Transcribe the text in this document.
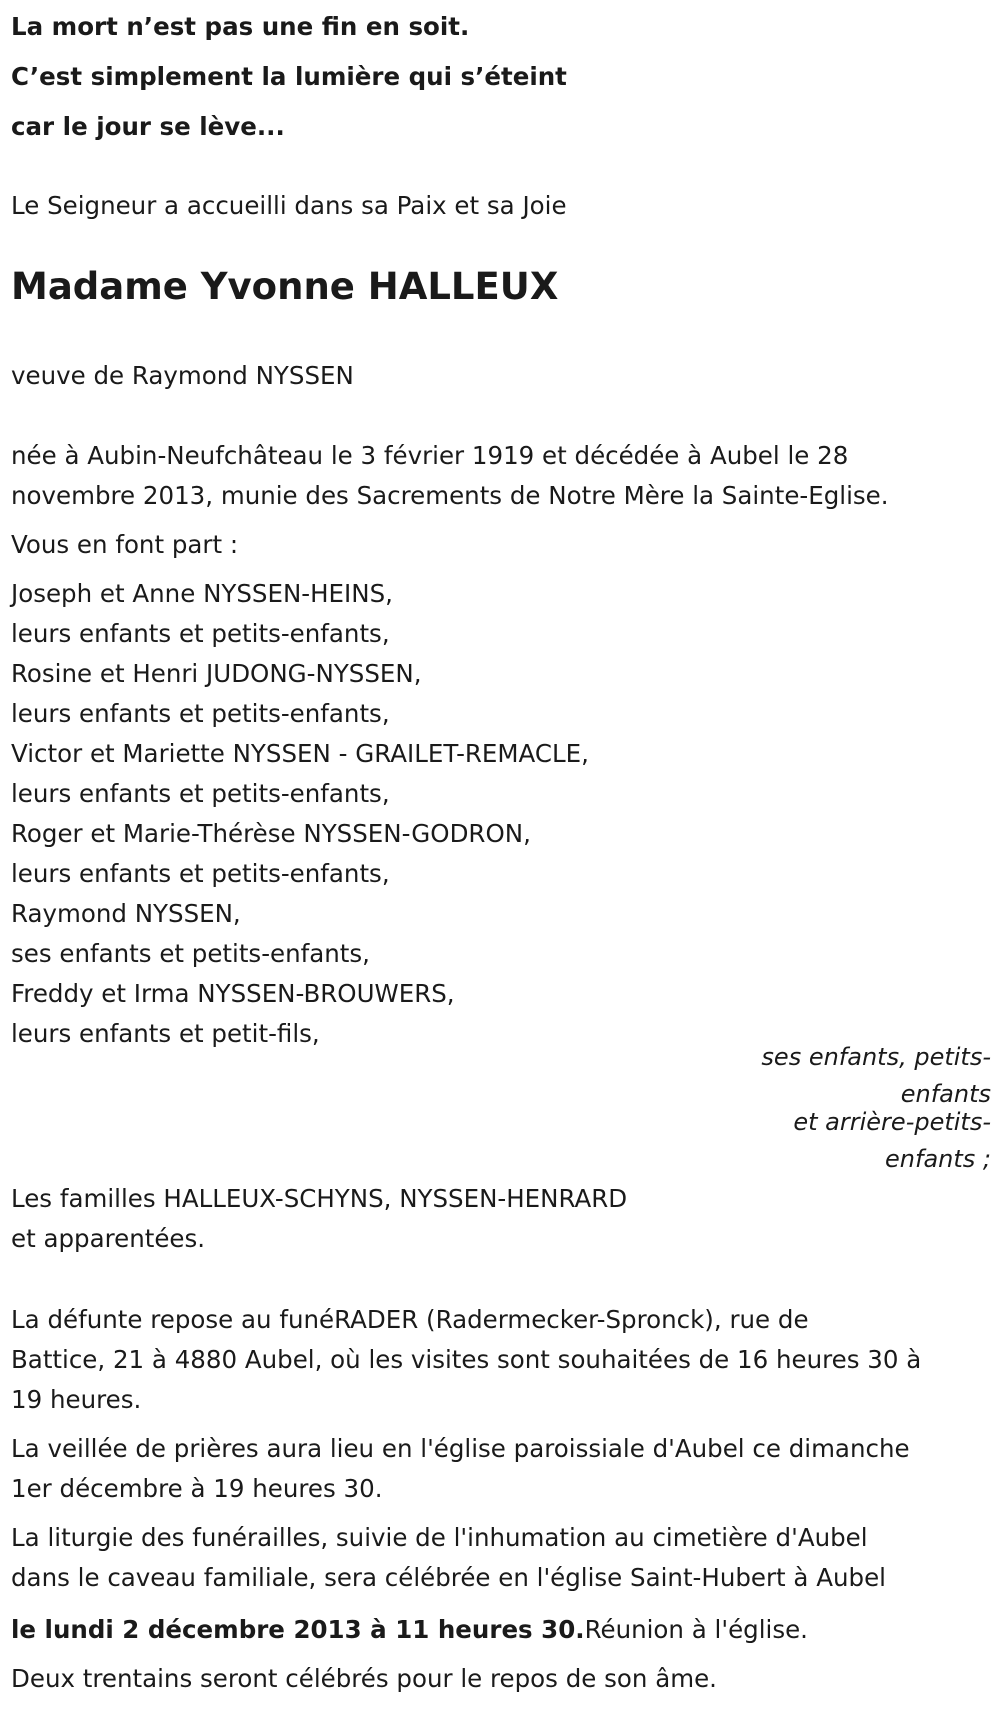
La mort n’est pas une fin en soit.

C’est simplement la lumière qui s’éteint

car le jour se lève...

Le Seigneur a accueilli dans sa Paix et sa Joie

Madame Yvonne HALLEUX

veuve de Raymond NYSSEN

née à Aubin-Neufchâteau le 3 février 1919 et décédée à Aubel le 28

novembre 2013, munie des Sacrements de Notre Mère la Sainte-Eglise.

Vous en font part :

Joseph et Anne NYSSEN-HEINS,

leurs enfants et petits-enfants,

Rosine et Henri JUDONG-NYSSEN,

leurs enfants et petits-enfants,

Victor et Mariette NYSSEN - GRAILET-REMACLE,

leurs enfants et petits-enfants,

Roger et Marie-Thérèse NYSSEN-GODRON,

leurs enfants et petits-enfants,

Raymond NYSSEN,

ses enfants et petits-enfants,

Freddy et Irma NYSSEN-BROUWERS,

leurs enfants et petit-fils,

ses enfants, petits-
enfants
et arrière-petits-
enfants ;

Les familles HALLEUX-SCHYNS, NYSSEN-HENRARD

et apparentées.

La défunte repose au funéRADER (Radermecker-Spronck), rue de

Battice, 21 à 4880 Aubel, où les visites sont souhaitées de 16 heures 30 à

19 heures.

La veillée de prières aura lieu en l'église paroissiale d'Aubel ce dimanche

1er décembre à 19 heures 30.

La liturgie des funérailles, suivie de l'inhumation au cimetière d'Aubel

dans le caveau familiale, sera célébrée en l'église Saint-Hubert à Aubel

le lundi 2 décembre 2013 à 11 heures 30.Réunion à l'église.

Deux trentains seront célébrés pour le repos de son âme.
